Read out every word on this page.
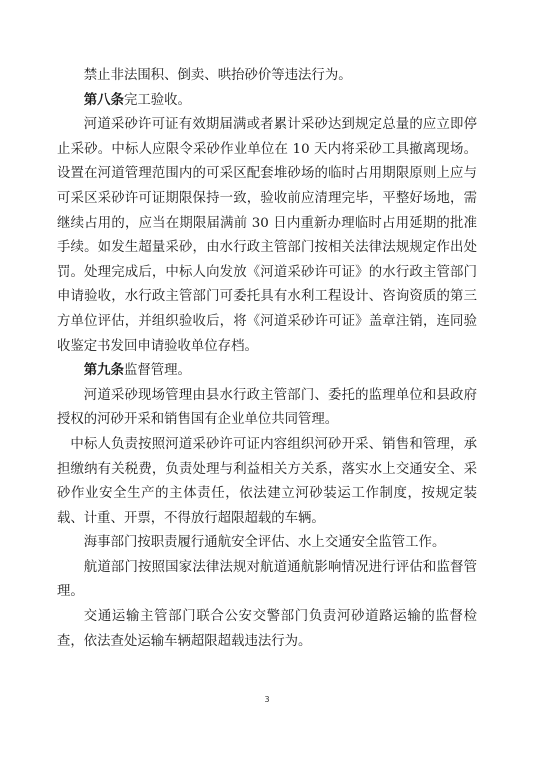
禁止非法围积、倒卖、哄抬砂价等违法行为。

第八条完工验收。

河道采砂许可证有效期届满或者累计采砂达到规定总量的应立即停止采砂。中标人应限令采砂作业单位在 10 天内将采砂工具撤离现场。设置在河道管理范围内的可采区配套堆砂场的临时占用期限原则上应与可采区采砂许可证期限保持一致，验收前应清理完毕，平整好场地，需继续占用的，应当在期限届满前 30 日内重新办理临时占用延期的批准手续。如发生超量采砂，由水行政主管部门按相关法律法规规定作出处罚。处理完成后，中标人向发放《河道采砂许可证》的水行政主管部门申请验收，水行政主管部门可委托具有水利工程设计、咨询资质的第三方单位评估，并组织验收后，将《河道采砂许可证》盖章注销，连同验收鉴定书发回申请验收单位存档。

第九条监督管理。

河道采砂现场管理由县水行政主管部门、委托的监理单位和县政府授权的河砂开采和销售国有企业单位共同管理。

中标人负责按照河道采砂许可证内容组织河砂开采、销售和管理，承担缴纳有关税费，负责处理与利益相关方关系，落实水上交通安全、采砂作业安全生产的主体责任，依法建立河砂装运工作制度，按规定装载、计重、开票，不得放行超限超载的车辆。

海事部门按职责履行通航安全评估、水上交通安全监管工作。

航道部门按照国家法律法规对航道通航影响情况进行评估和监督管理。

交通运输主管部门联合公安交警部门负责河砂道路运输的监督检查，依法查处运输车辆超限超载违法行为。

3
